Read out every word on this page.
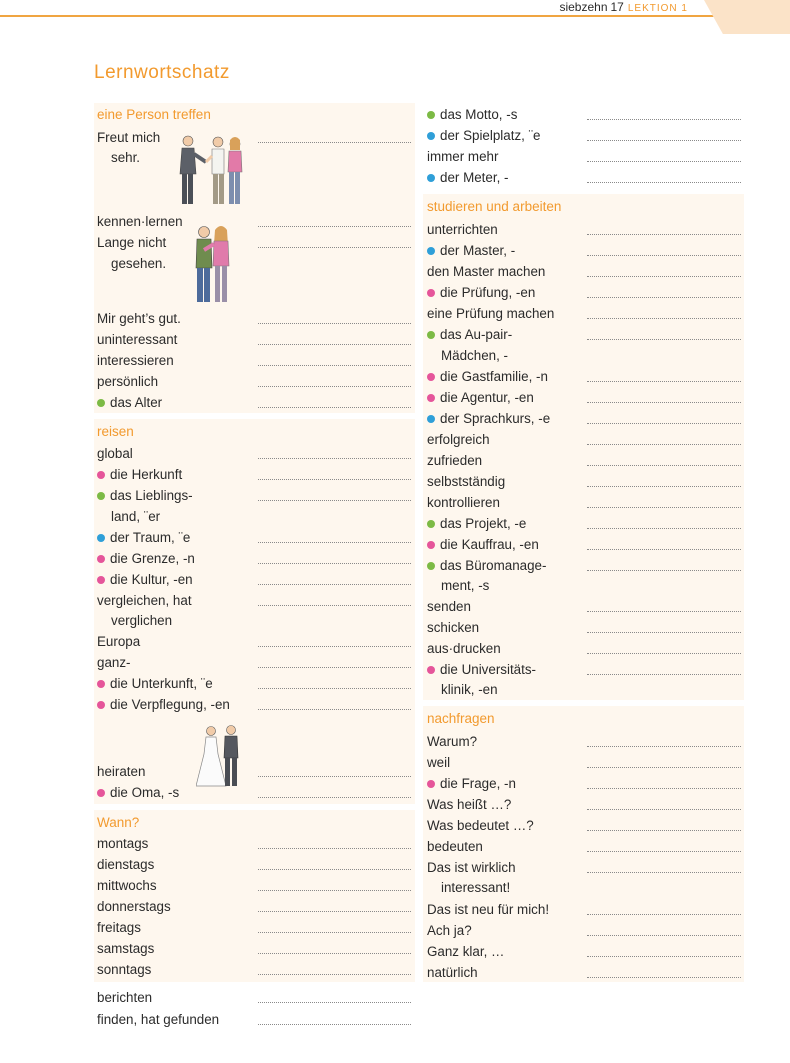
siebzehn 17 LEKTION 1
Lernwortschatz
eine Person treffen
Freut mich
sehr.
kennen·lernen
Lange nicht
gesehen.
Mir geht’s gut.
uninteressant
interessieren
persönlich
das Alter
reisen
global
die Herkunft
das Lieblings-
land, ¨er
der Traum, ¨e
die Grenze, -n
die Kultur, -en
vergleichen, hat
verglichen
Europa
ganz-
die Unterkunft, ¨e
die Verpflegung, -en
heiraten
die Oma, -s
Wann?
montags
dienstags
mittwochs
donnerstags
freitags
samstags
sonntags
berichten
finden, hat gefunden
das Motto, -s
der Spielplatz, ¨e
immer mehr
der Meter, -
studieren und arbeiten
unterrichten
der Master, -
den Master machen
die Prüfung, -en
eine Prüfung machen
das Au-pair-
Mädchen, -
die Gastfamilie, -n
die Agentur, -en
der Sprachkurs, -e
erfolgreich
zufrieden
selbstständig
kontrollieren
das Projekt, -e
die Kauffrau, -en
das Büromanage-
ment, -s
senden
schicken
aus·drucken
die Universitäts-
klinik, -en
nachfragen
Warum?
weil
die Frage, -n
Was heißt …?
Was bedeutet …?
bedeuten
Das ist wirklich
interessant!
Das ist neu für mich!
Ach ja?
Ganz klar, …
natürlich
